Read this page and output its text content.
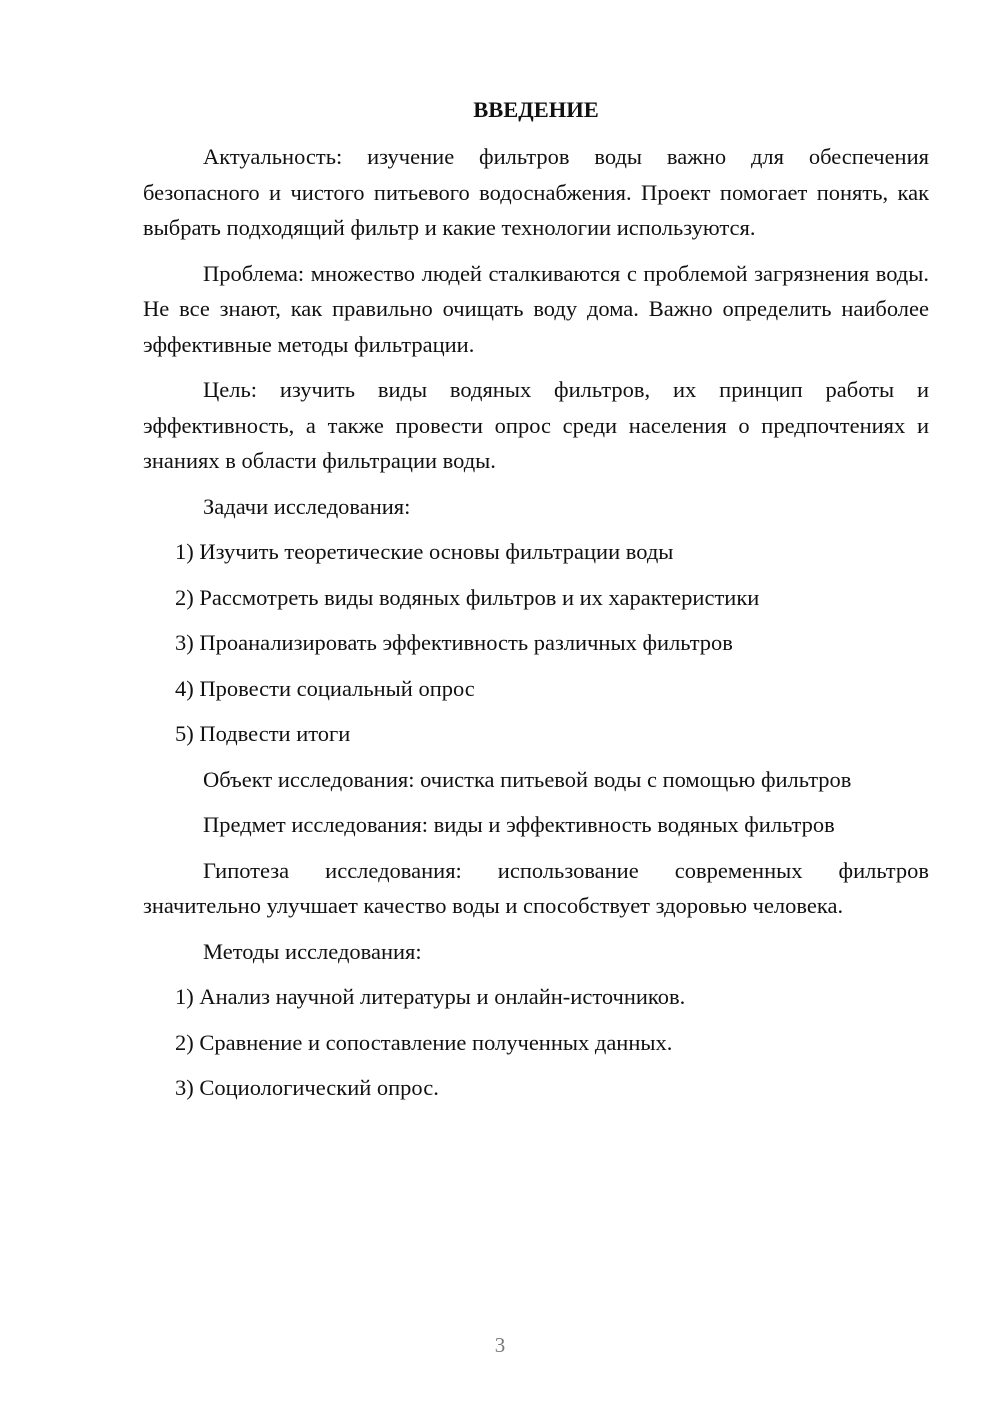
ВВЕДЕНИЕ

Актуальность: изучение фильтров воды важно для обеспечения безопасного и чистого питьевого водоснабжения. Проект помогает понять, как выбрать подходящий фильтр и какие технологии используются.

Проблема: множество людей сталкиваются с проблемой загрязнения воды. Не все знают, как правильно очищать воду дома. Важно определить наиболее эффективные методы фильтрации.

Цель: изучить виды водяных фильтров, их принцип работы и эффективность, а также провести опрос среди населения о предпочтениях и знаниях в области фильтрации воды.

Задачи исследования:

1) Изучить теоретические основы фильтрации воды
2) Рассмотреть виды водяных фильтров и их характеристики
3) Проанализировать эффективность различных фильтров
4) Провести социальный опрос
5) Подвести итоги

Объект исследования: очистка питьевой воды с помощью фильтров

Предмет исследования: виды и эффективность водяных фильтров

Гипотеза исследования: использование современных фильтров значительно улучшает качество воды и способствует здоровью человека.

Методы исследования:

1) Анализ научной литературы и онлайн-источников.
2) Сравнение и сопоставление полученных данных.
3) Социологический опрос.
3
